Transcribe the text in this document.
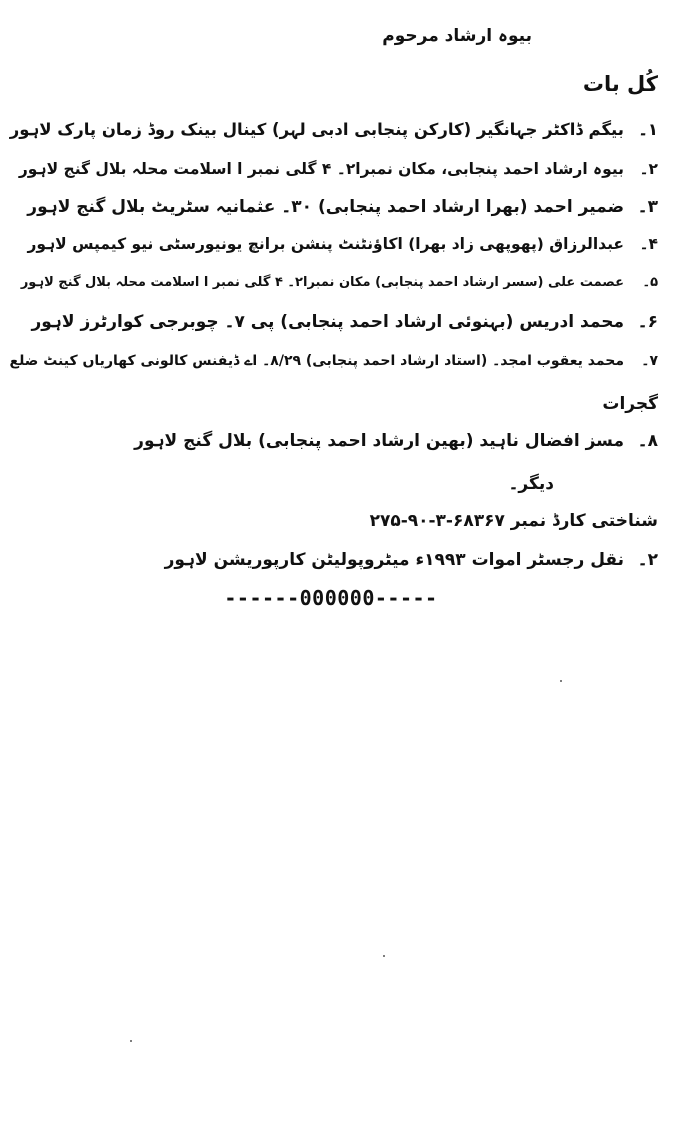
بیوہ ارشاد مرحوم
کُل بات
۱۔
بیگم ڈاکٹر جہانگیر (کارکن پنجابی ادبی لہر) کینال بینک روڈ زمان پارک لاہور
۲۔
بیوہ ارشاد احمد پنجابی، مکان نمبرا۲۔ ۴ گلی نمبر ا اسلامت محلہ بلال گنج لاہور
۳۔
ضمیر احمد (بھرا ارشاد احمد پنجابی) ۳۰۔ عثمانیہ سٹریٹ بلال گنج لاہور
۴۔
عبدالرزاق (پھوپھی زاد بھرا) اکاؤنٹنٹ پنشن برانچ یونیورسٹی نیو کیمپس لاہور
۵۔
عصمت علی (سسر ارشاد احمد پنجابی) مکان نمبرا۲۔ ۴ گلی نمبر ا اسلامت محلہ بلال گنج لاہور
۶۔
محمد ادریس (بہنوئی ارشاد احمد پنجابی) پی ۷۔ چوبرجی کوارٹرز لاہور
۷۔
محمد یعقوب امجد۔ (استاد ارشاد احمد پنجابی) ۸/۲۹۔ اے ڈیفنس کالونی کھاریاں کینٹ ضلع
گجرات
۸۔
مسز افضال ناہید (بھین ارشاد احمد پنجابی) بلال گنج لاہور
دیگر۔
شناختی کارڈ نمبر ۲۷۵-۹۰-۳-۶۸۳۶۷
۲۔
نقل رجسٹر اموات ۱۹۹۳ء میٹروپولیٹن کارپوریشن لاہور
------000000-----
